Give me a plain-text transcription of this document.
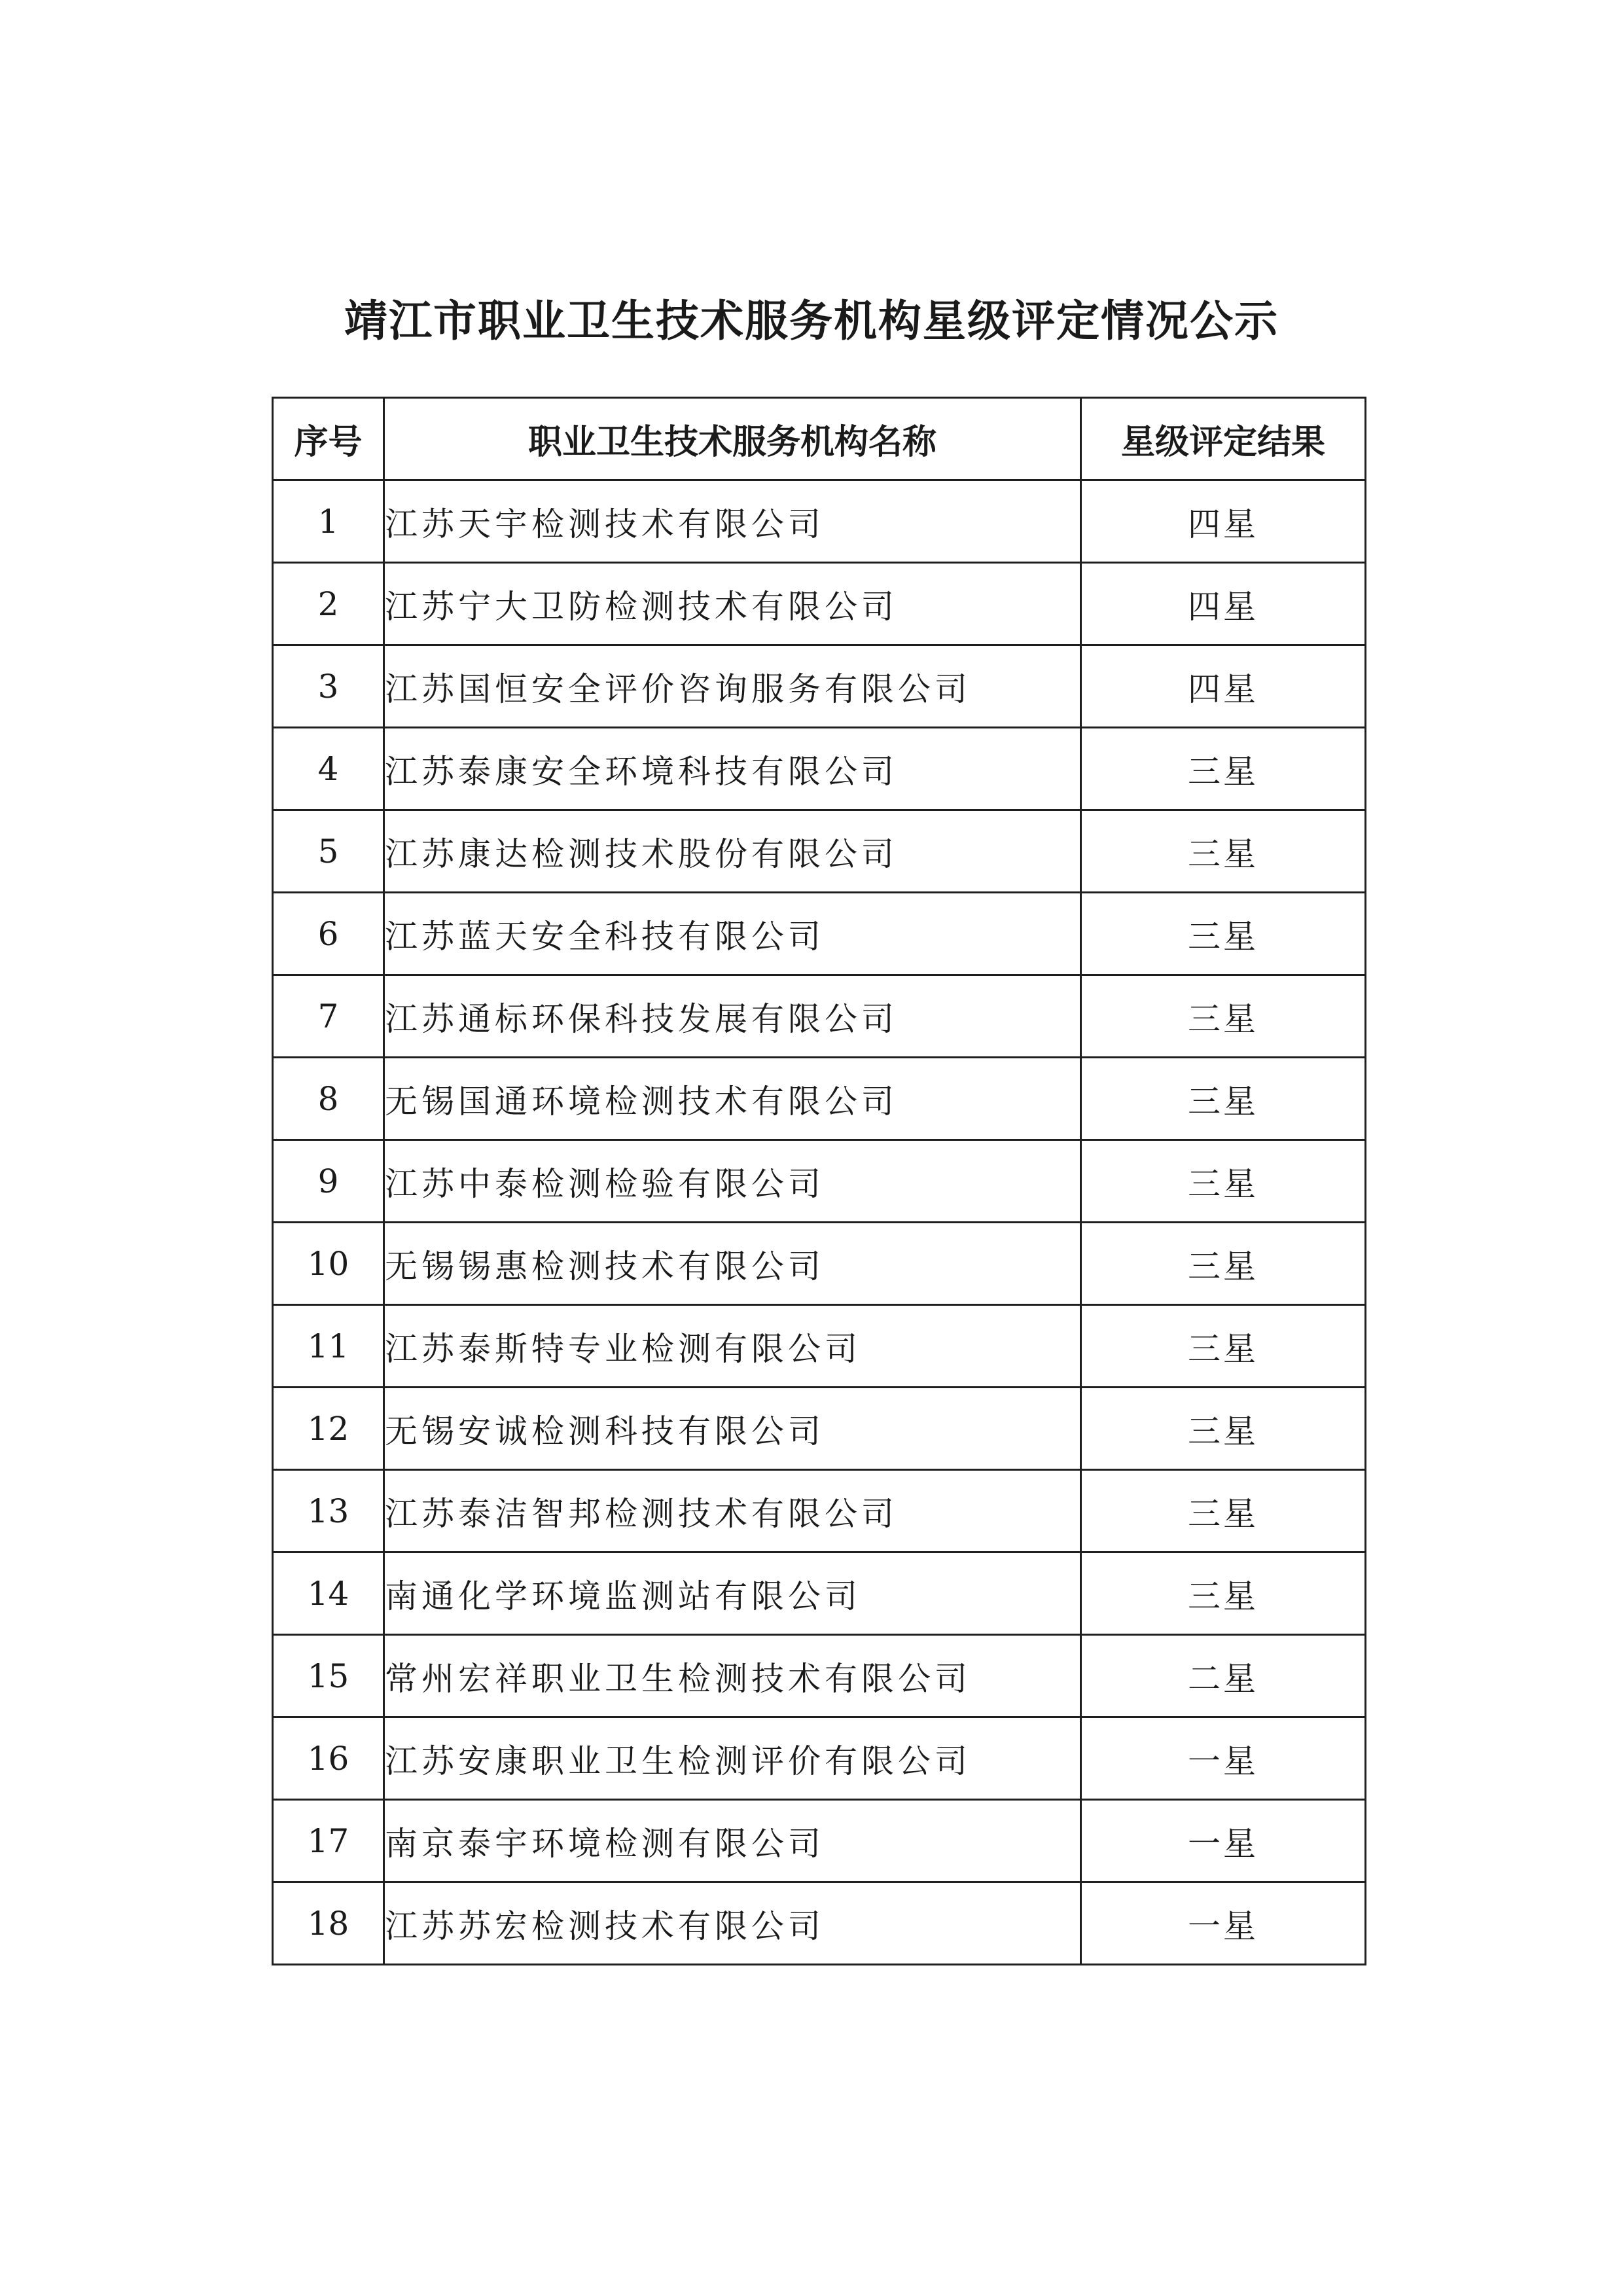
靖江市职业卫生技术服务机构星级评定情况公示
序号	职业卫生技术服务机构名称	星级评定结果
1	江苏天宇检测技术有限公司	四星
2	江苏宁大卫防检测技术有限公司	四星
3	江苏国恒安全评价咨询服务有限公司	四星
4	江苏泰康安全环境科技有限公司	三星
5	江苏康达检测技术股份有限公司	三星
6	江苏蓝天安全科技有限公司	三星
7	江苏通标环保科技发展有限公司	三星
8	无锡国通环境检测技术有限公司	三星
9	江苏中泰检测检验有限公司	三星
10	无锡锡惠检测技术有限公司	三星
11	江苏泰斯特专业检测有限公司	三星
12	无锡安诚检测科技有限公司	三星
13	江苏泰洁智邦检测技术有限公司	三星
14	南通化学环境监测站有限公司	三星
15	常州宏祥职业卫生检测技术有限公司	二星
16	江苏安康职业卫生检测评价有限公司	一星
17	南京泰宇环境检测有限公司	一星
18	江苏苏宏检测技术有限公司	一星
